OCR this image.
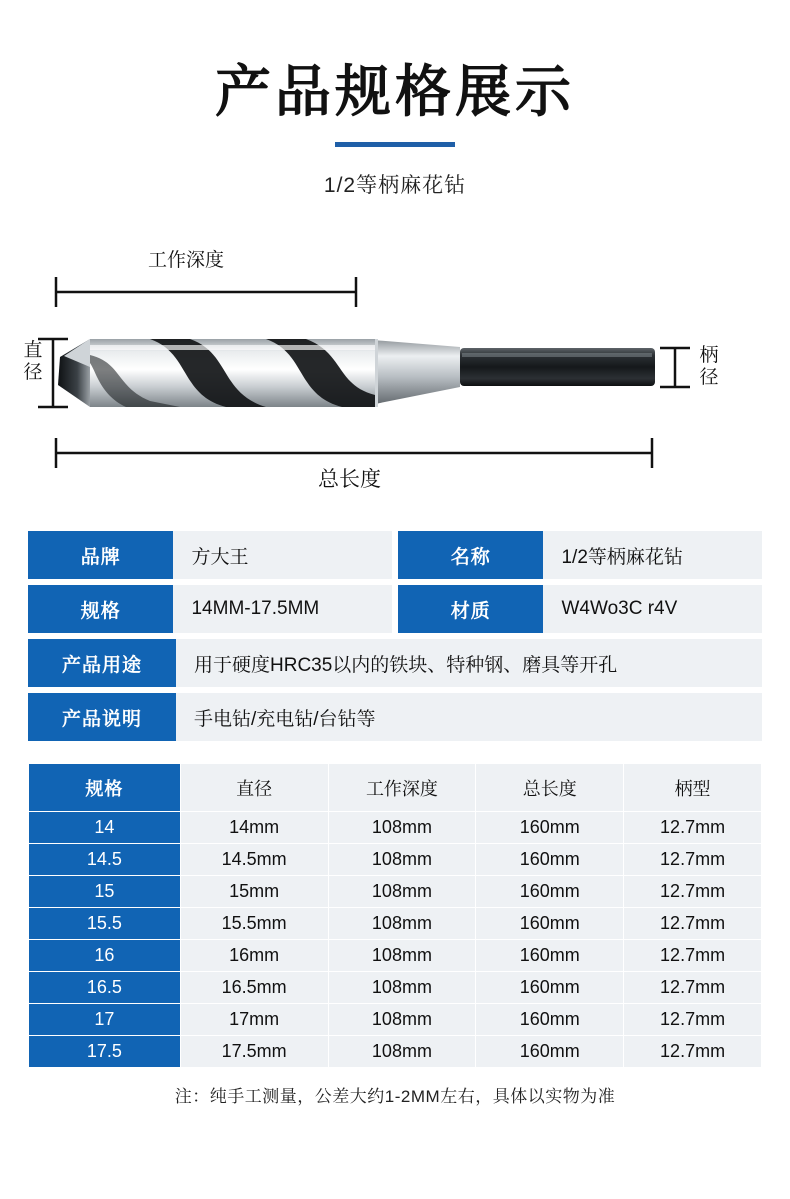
产品规格展示
1/2等柄麻花钻
工作深度
直径
柄径
总长度
品牌	方大王	名称	1/2等柄麻花钻
规格	14MM-17.5MM	材质	W4Wo3C r4V
产品用途	用于硬度HRC35以内的铁块、特种钢、磨具等开孔
产品说明	手电钻/充电钻/台钻等
规格	直径	工作深度	总长度	柄型
14	14mm	108mm	160mm	12.7mm
14.5	14.5mm	108mm	160mm	12.7mm
15	15mm	108mm	160mm	12.7mm
15.5	15.5mm	108mm	160mm	12.7mm
16	16mm	108mm	160mm	12.7mm
16.5	16.5mm	108mm	160mm	12.7mm
17	17mm	108mm	160mm	12.7mm
17.5	17.5mm	108mm	160mm	12.7mm
注：纯手工测量，公差大约1-2MM左右，具体以实物为准
